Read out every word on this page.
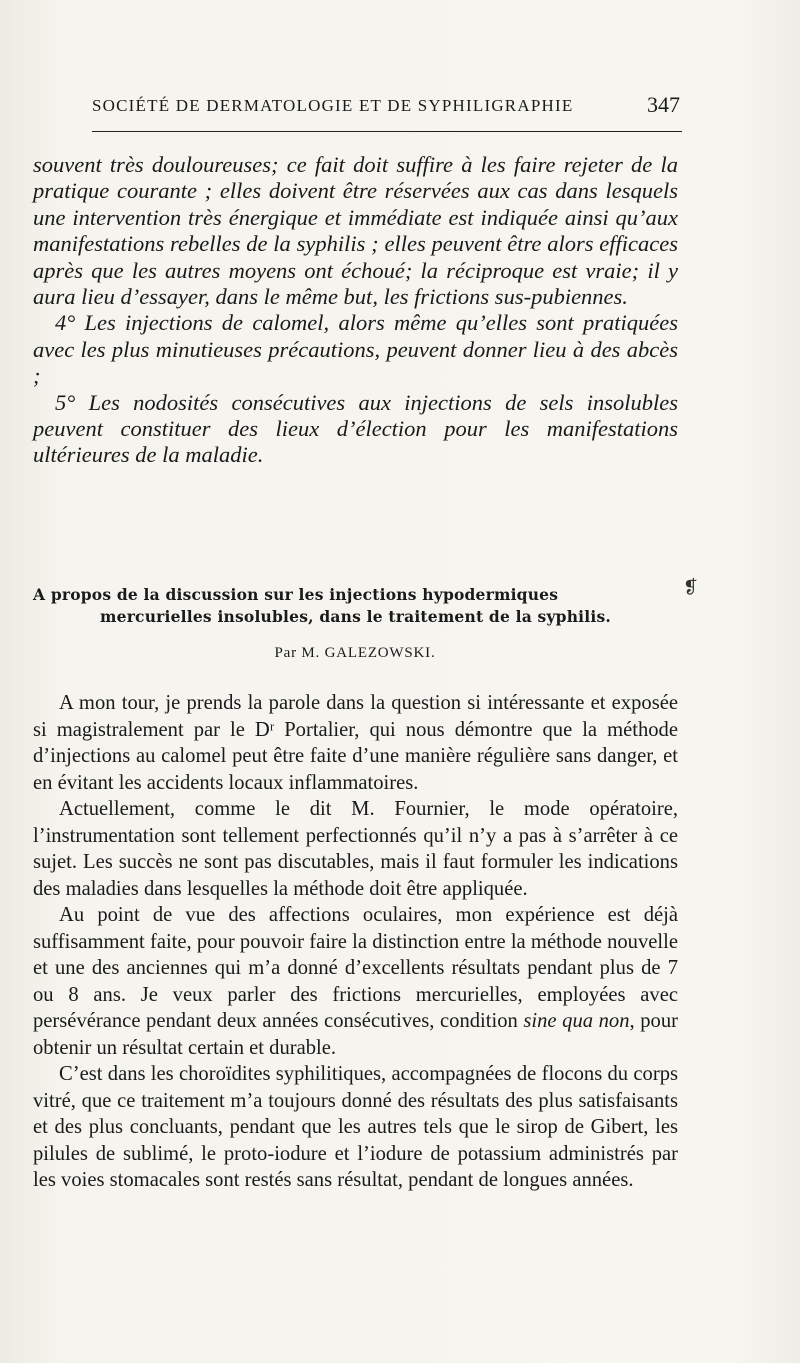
SOCIÉTÉ DE DERMATOLOGIE ET DE SYPHILIGRAPHIE	347

souvent très douloureuses; ce fait doit suffire à les faire rejeter de la pratique courante ; elles doivent être réservées aux cas dans lesquels une intervention très énergique et immédiate est indiquée ainsi qu’aux manifestations rebelles de la syphilis ; elles peuvent être alors efficaces après que les autres moyens ont échoué; la réciproque est vraie; il y aura lieu d’essayer, dans le même but, les frictions sus-pubiennes.

4° Les injections de calomel, alors même qu’elles sont pratiquées avec les plus minutieuses précautions, peuvent donner lieu à des abcès ;

5° Les nodosités consécutives aux injections de sels insolubles peuvent constituer des lieux d’élection pour les manifestations ultérieures de la maladie.

❡
A propos de la discussion sur les injections hypodermiques
mercurielles insolubles, dans le traitement de la syphilis.
Par M. GALEZOWSKI.

A mon tour, je prends la parole dans la question si intéressante et exposée si magistralement par le Dʳ Portalier, qui nous démontre que la méthode d’injections au calomel peut être faite d’une manière régulière sans danger, et en évitant les accidents locaux inflammatoires.

Actuellement, comme le dit M. Fournier, le mode opératoire, l’instrumentation sont tellement perfectionnés qu’il n’y a pas à s’arrêter à ce sujet. Les succès ne sont pas discutables, mais il faut formuler les indications des maladies dans lesquelles la méthode doit être appliquée.

Au point de vue des affections oculaires, mon expérience est déjà suffisamment faite, pour pouvoir faire la distinction entre la méthode nouvelle et une des anciennes qui m’a donné d’excellents résultats pendant plus de 7 ou 8 ans. Je veux parler des frictions mercurielles, employées avec persévérance pendant deux années consécutives, condition sine qua non, pour obtenir un résultat certain et durable.

C’est dans les choroïdites syphilitiques, accompagnées de flocons du corps vitré, que ce traitement m’a toujours donné des résultats des plus satisfaisants et des plus concluants, pendant que les autres tels que le sirop de Gibert, les pilules de sublimé, le proto-iodure et l’iodure de potassium administrés par les voies stomacales sont restés sans résultat, pendant de longues années.
